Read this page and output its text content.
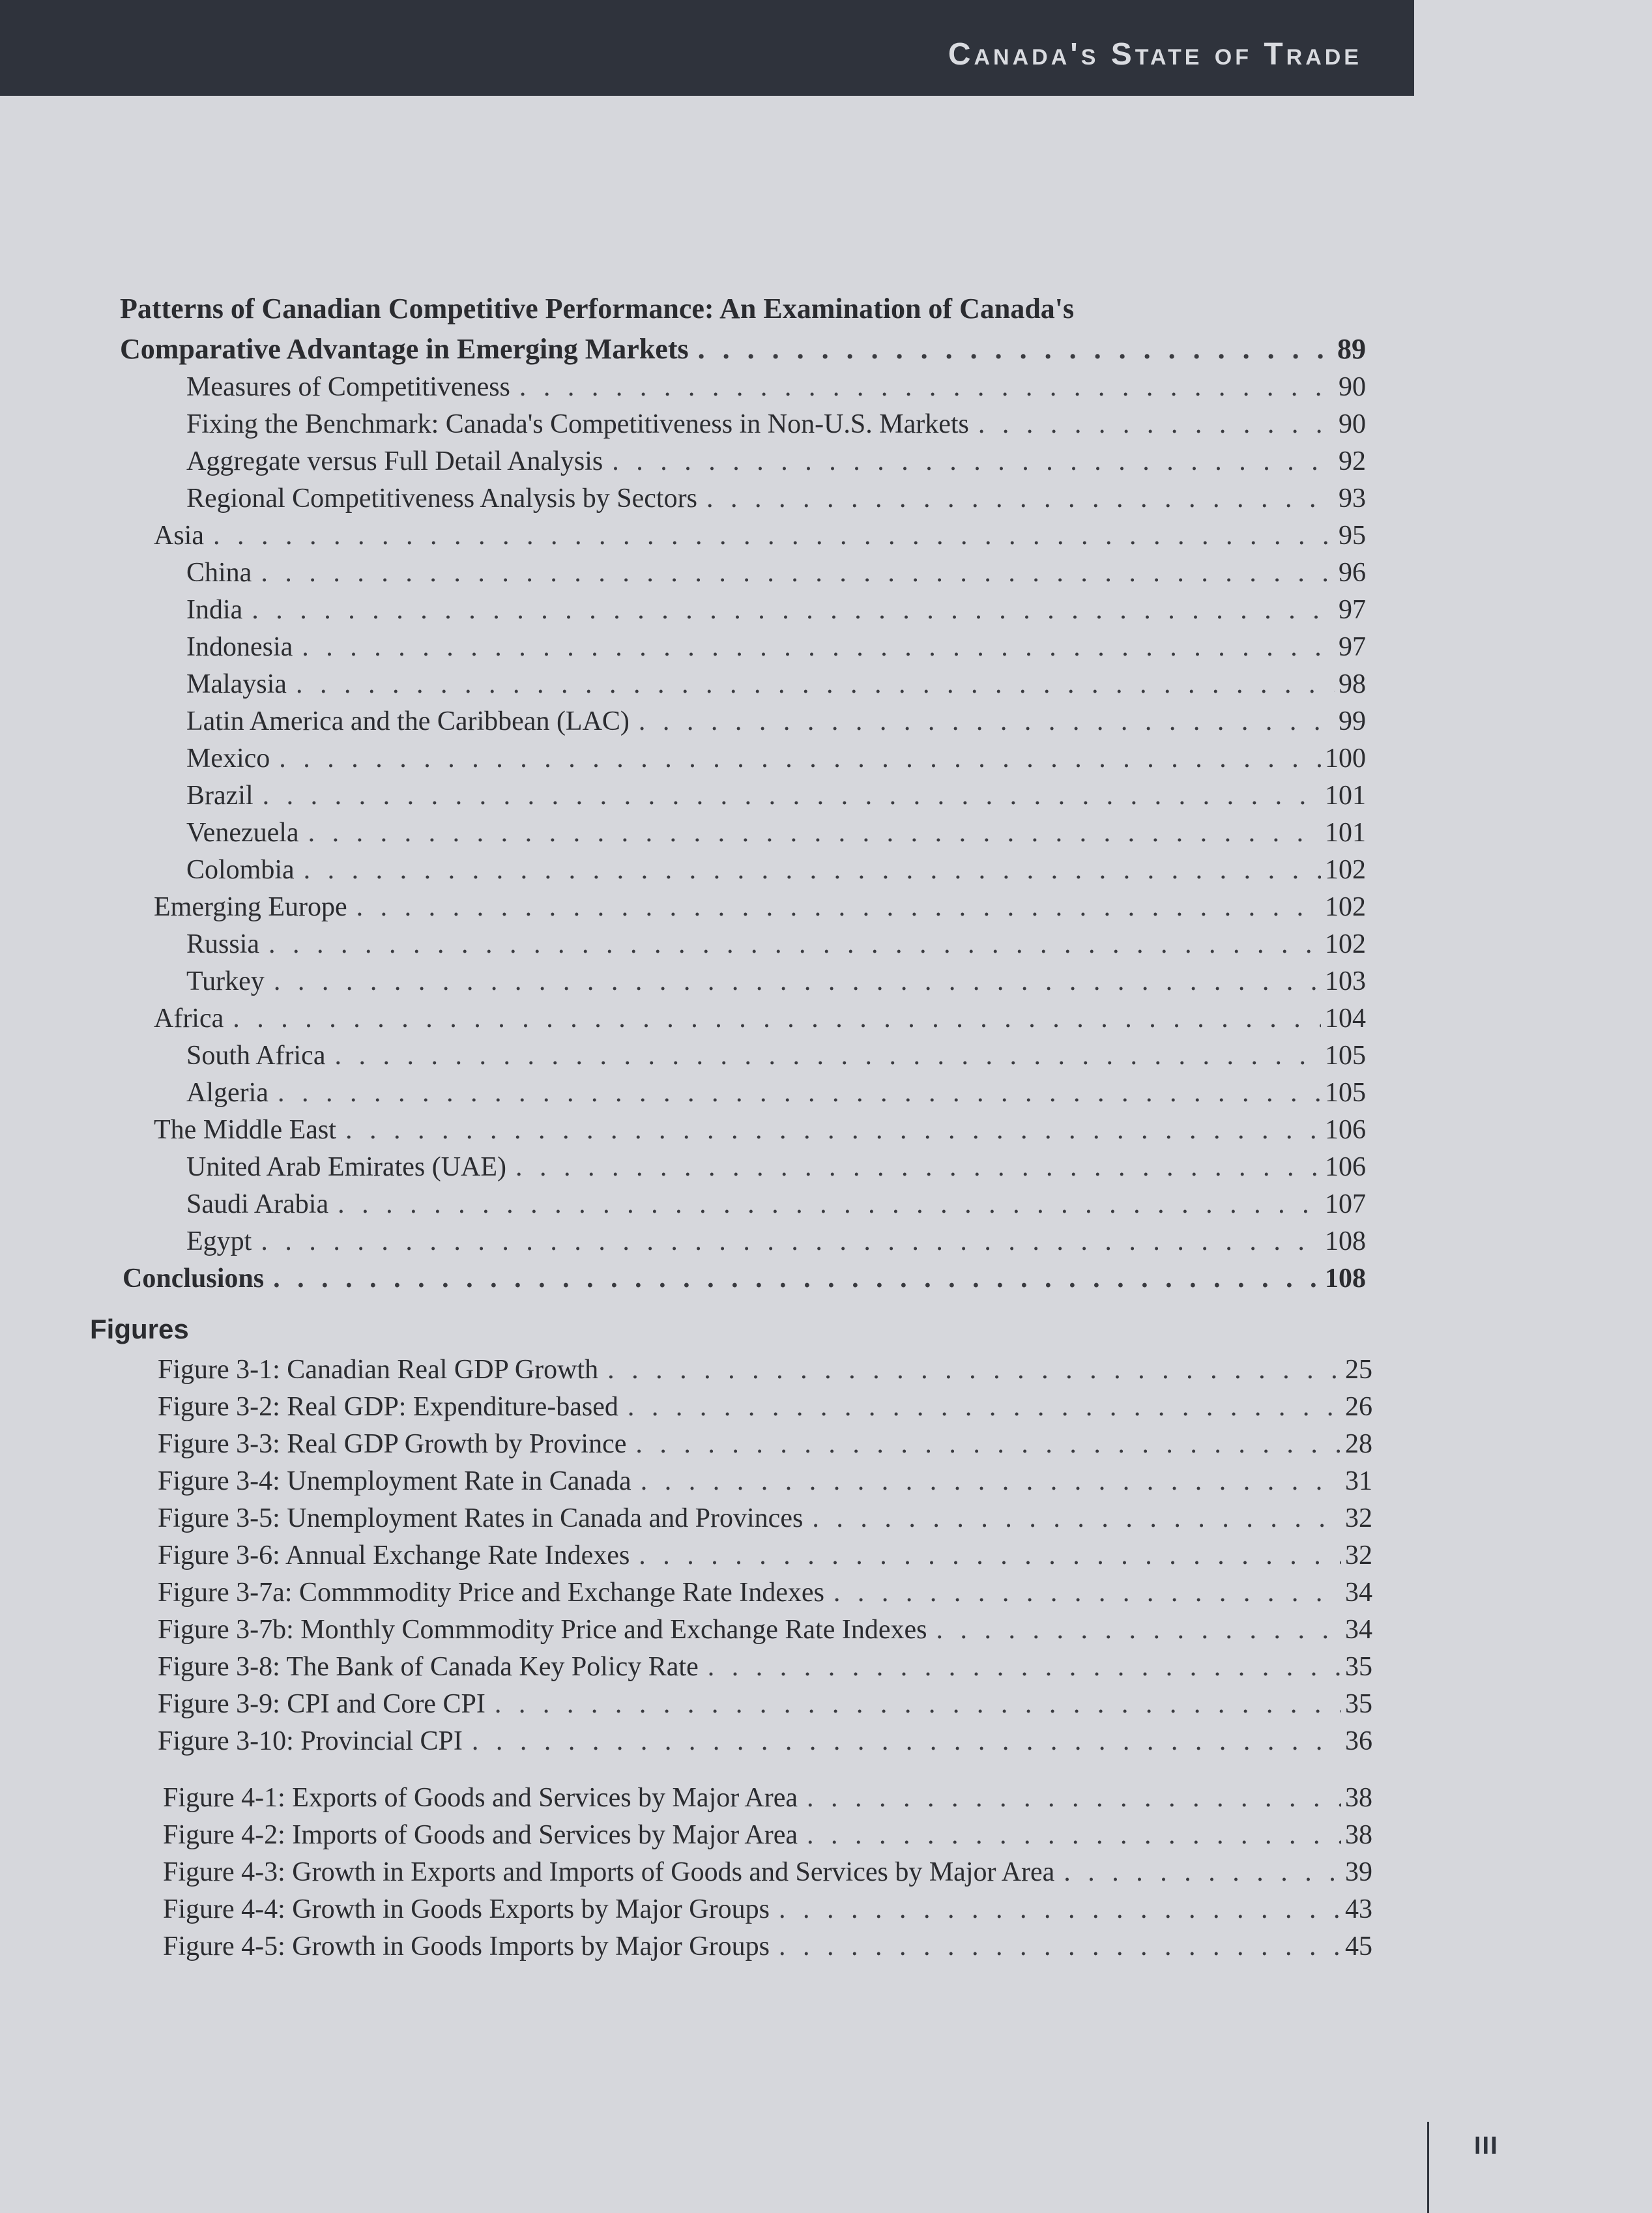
Canada's State of Trade
Patterns of Canadian Competitive Performance: An Examination of Canada's
Comparative Advantage in Emerging Markets . . .	89
Measures of Competitiveness . . .	90
Fixing the Benchmark: Canada's Competitiveness in Non-U.S. Markets . . .	90
Aggregate versus Full Detail Analysis . . .	92
Regional Competitiveness Analysis by Sectors . . .	93
Asia . . .	95
China . . .	96
India . . .	97
Indonesia . . .	97
Malaysia . . .	98
Latin America and the Caribbean (LAC) . . .	99
Mexico . . .	100
Brazil . . .	101
Venezuela . . .	101
Colombia . . .	102
Emerging Europe . . .	102
Russia . . .	102
Turkey . . .	103
Africa . . .	104
South Africa . . .	105
Algeria . . .	105
The Middle East . . .	106
United Arab Emirates (UAE) . . .	106
Saudi Arabia . . .	107
Egypt . . .	108
Conclusions . . .	108
Figures
Figure 3-1: Canadian Real GDP Growth . . .	25
Figure 3-2: Real GDP: Expenditure-based . . .	26
Figure 3-3: Real GDP Growth by Province . . .	28
Figure 3-4: Unemployment Rate in Canada . . .	31
Figure 3-5: Unemployment Rates in Canada and Provinces . . .	32
Figure 3-6: Annual Exchange Rate Indexes . . .	32
Figure 3-7a: Commmodity Price and Exchange Rate Indexes . . .	34
Figure 3-7b: Monthly Commmodity Price and Exchange Rate Indexes . . .	34
Figure 3-8: The Bank of Canada Key Policy Rate . . .	35
Figure 3-9: CPI and Core CPI . . .	35
Figure 3-10: Provincial CPI . . .	36
Figure 4-1: Exports of Goods and Services by Major Area . . .	38
Figure 4-2: Imports of Goods and Services by Major Area . . .	38
Figure 4-3: Growth in Exports and Imports of Goods and Services by Major Area . . .	39
Figure 4-4: Growth in Goods Exports by Major Groups . . .	43
Figure 4-5: Growth in Goods Imports by Major Groups . . .	45
III
